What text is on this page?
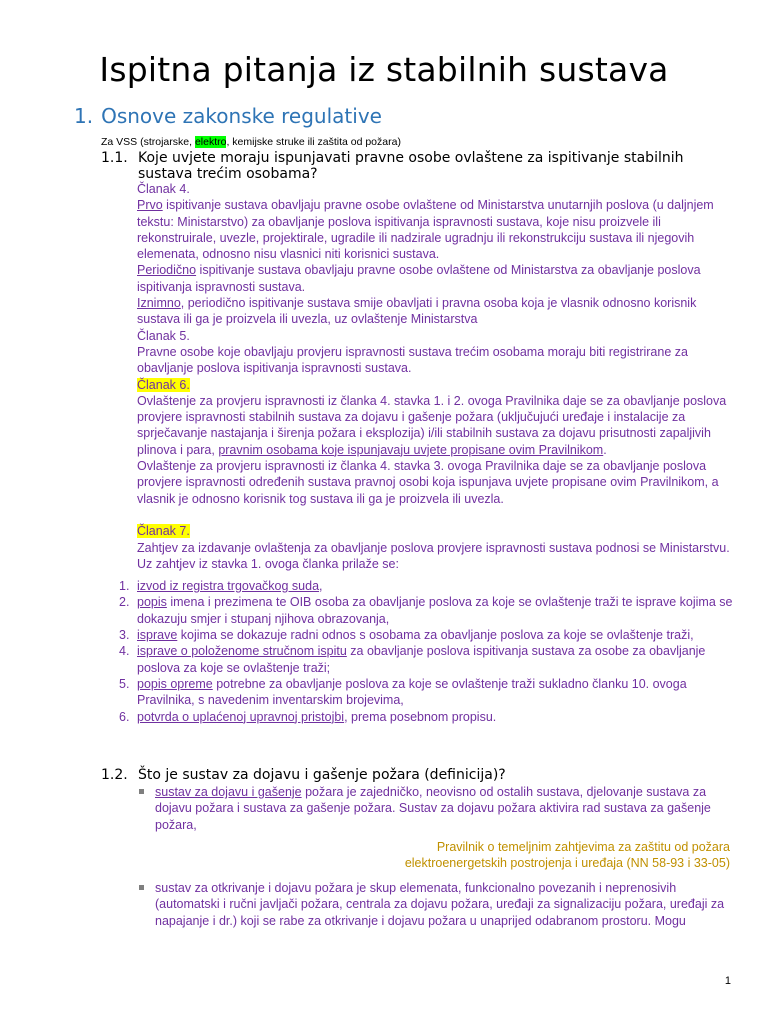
Ispitna pitanja iz stabilnih sustava
1. Osnove zakonske regulative
Za VSS (strojarske, elektro, kemijske struke ili zaštita od požara)
1.1. Koje uvjete moraju ispunjavati pravne osobe ovlaštene za ispitivanje stabilnih sustava trećim osobama?

Članak 4.

Prvo ispitivanje sustava obavljaju pravne osobe ovlaštene od Ministarstva unutarnjih poslova (u daljnjem tekstu: Ministarstvo) za obavljanje poslova ispitivanja ispravnosti sustava, koje nisu proizvele ili rekonstruirale, uvezle, projektirale, ugradile ili nadzirale ugradnju ili rekonstrukciju sustava ili njegovih elemenata, odnosno nisu vlasnici niti korisnici sustava.

Periodično ispitivanje sustava obavljaju pravne osobe ovlaštene od Ministarstva za obavljanje poslova ispitivanja ispravnosti sustava.

Iznimno, periodično ispitivanje sustava smije obavljati i pravna osoba koja je vlasnik odnosno korisnik sustava ili ga je proizvela ili uvezla, uz ovlaštenje Ministarstva

Članak 5.

Pravne osobe koje obavljaju provjeru ispravnosti sustava trećim osobama moraju biti registrirane za obavljanje poslova ispitivanja ispravnosti sustava.

Članak 6.

Ovlaštenje za provjeru ispravnosti iz članka 4. stavka 1. i 2. ovoga Pravilnika daje se za obavljanje poslova provjere ispravnosti stabilnih sustava za dojavu i gašenje požara (uključujući uređaje i instalacije za sprječavanje nastajanja i širenja požara i eksplozija) i/ili stabilnih sustava za dojavu prisutnosti zapaljivih plinova i para, pravnim osobama koje ispunjavaju uvjete propisane ovim Pravilnikom.

Ovlaštenje za provjeru ispravnosti iz članka 4. stavka 3. ovoga Pravilnika daje se za obavljanje poslova provjere ispravnosti određenih sustava pravnoj osobi koja ispunjava uvjete propisane ovim Pravilnikom, a vlasnik je odnosno korisnik tog sustava ili ga je proizvela ili uvezla.

Članak 7.

Zahtjev za izdavanje ovlaštenja za obavljanje poslova provjere ispravnosti sustava podnosi se Ministarstvu.

Uz zahtjev iz stavka 1. ovoga članka prilaže se:

1. izvod iz registra trgovačkog suda,
2. popis imena i prezimena te OIB osoba za obavljanje poslova za koje se ovlaštenje traži te isprave kojima se dokazuju smjer i stupanj njihova obrazovanja,
3. isprave kojima se dokazuje radni odnos s osobama za obavljanje poslova za koje se ovlaštenje traži,
4. isprave o položenome stručnom ispitu za obavljanje poslova ispitivanja sustava za osobe za obavljanje poslova za koje se ovlaštenje traži;
5. popis opreme potrebne za obavljanje poslova za koje se ovlaštenje traži sukladno članku 10. ovoga Pravilnika, s navedenim inventarskim brojevima,
6. potvrda o uplaćenoj upravnoj pristojbi, prema posebnom propisu.
1.2. Što je sustav za dojavu i gašenje požara (definicija)?
sustav za dojavu i gašenje požara je zajedničko, neovisno od ostalih sustava, djelovanje sustava za dojavu požara i sustava za gašenje požara. Sustav za dojavu požara aktivira rad sustava za gašenje požara,
Pravilnik o temeljnim zahtjevima za zaštitu od požara
elektroenergetskih postrojenja i uređaja (NN 58-93 i 33-05)
sustav za otkrivanje i dojavu požara je skup elemenata, funkcionalno povezanih i neprenosivih (automatski i ručni javljači požara, centrala za dojavu požara, uređaji za signalizaciju požara, uređaji za napajanje i dr.) koji se rabe za otkrivanje i dojavu požara u unaprijed odabranom prostoru. Mogu
1
